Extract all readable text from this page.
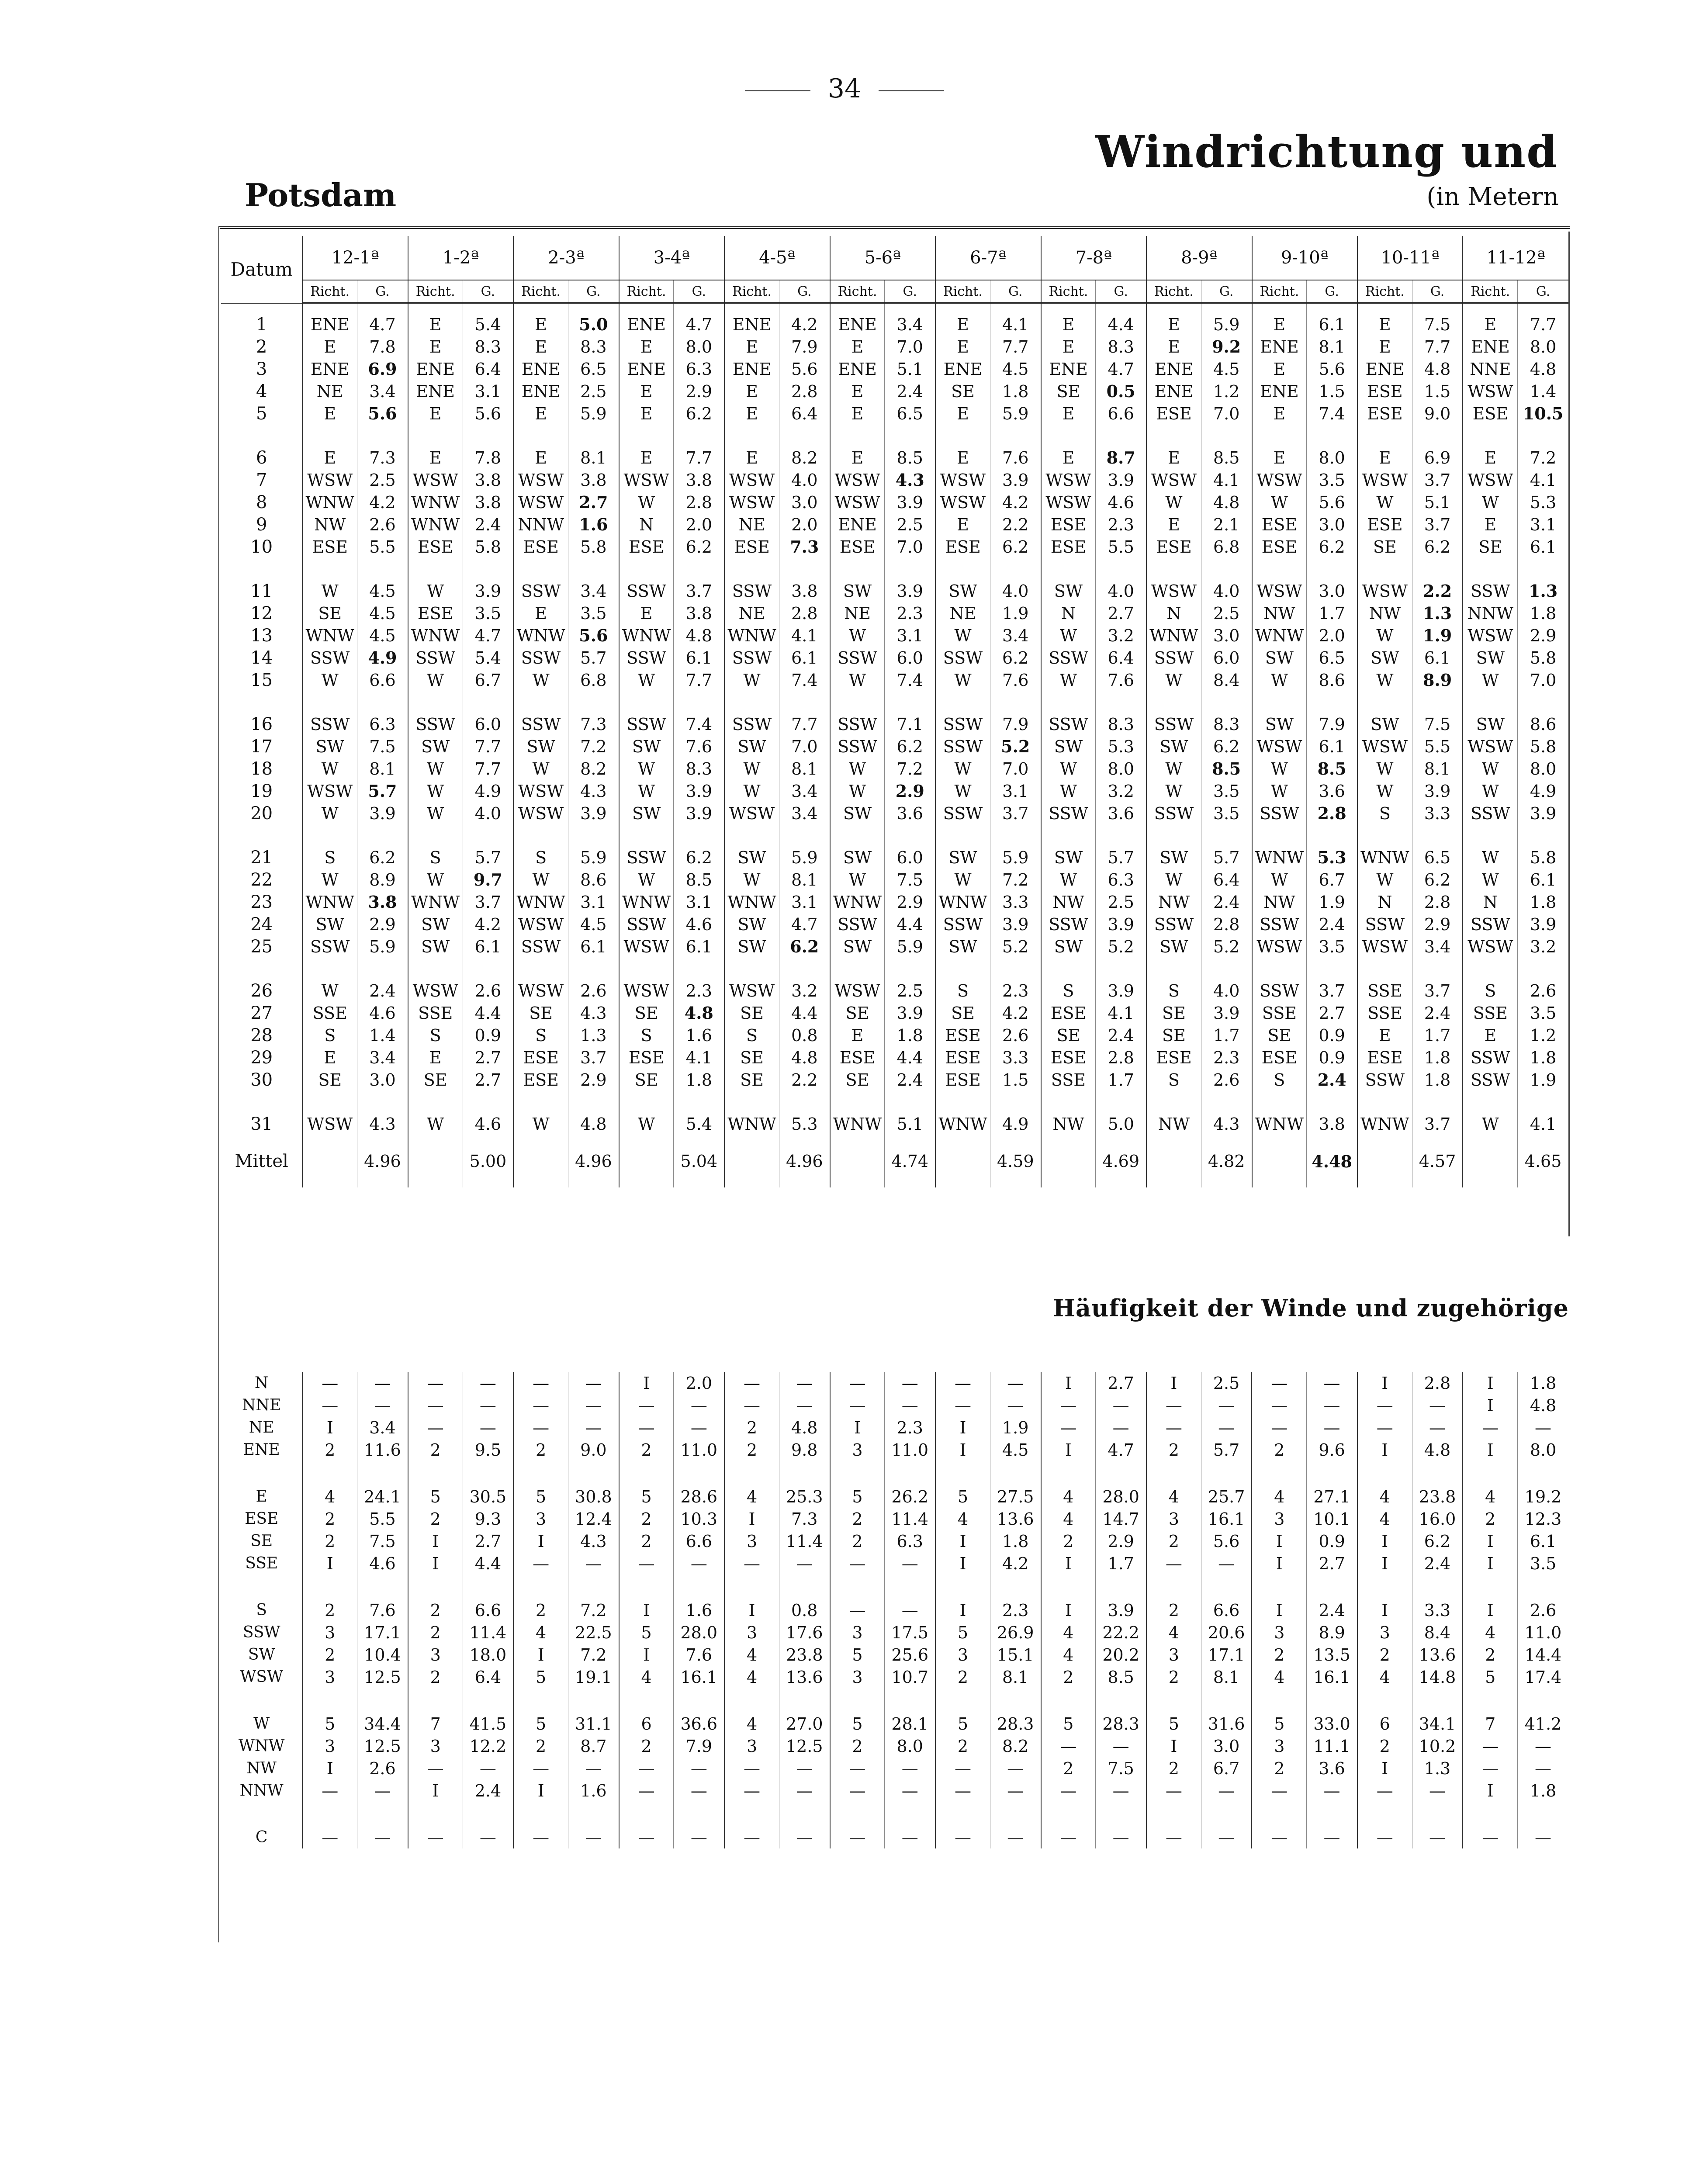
34
Windrichtung und
Potsdam	(in Metern
Datum	12-1ª		1-2ª		2-3ª		3-4ª		4-5ª		5-6ª		6-7ª		7-8ª		8-9ª		9-10ª		10-11ª		11-12ª	
	Richt.	G.	Richt.	G.	Richt.	G.	Richt.	G.	Richt.	G.	Richt.	G.	Richt.	G.	Richt.	G.	Richt.	G.	Richt.	G.	Richt.	G.	Richt.	G.

1	ENE	4.7	E	5.4	E	5.0	ENE	4.7	ENE	4.2	ENE	3.4	E	4.1	E	4.4	E	5.9	E	6.1	E	7.5	E	7.7
2	E	7.8	E	8.3	E	8.3	E	8.0	E	7.9	E	7.0	E	7.7	E	8.3	E	9.2	ENE	8.1	E	7.7	ENE	8.0
3	ENE	6.9	ENE	6.4	ENE	6.5	ENE	6.3	ENE	5.6	ENE	5.1	ENE	4.5	ENE	4.7	ENE	4.5	E	5.6	ENE	4.8	NNE	4.8
4	NE	3.4	ENE	3.1	ENE	2.5	E	2.9	E	2.8	E	2.4	SE	1.8	SE	0.5	ENE	1.2	ENE	1.5	ESE	1.5	WSW	1.4
5	E	5.6	E	5.6	E	5.9	E	6.2	E	6.4	E	6.5	E	5.9	E	6.6	ESE	7.0	E	7.4	ESE	9.0	ESE	10.5

6	E	7.3	E	7.8	E	8.1	E	7.7	E	8.2	E	8.5	E	7.6	E	8.7	E	8.5	E	8.0	E	6.9	E	7.2
7	WSW	2.5	WSW	3.8	WSW	3.8	WSW	3.8	WSW	4.0	WSW	4.3	WSW	3.9	WSW	3.9	WSW	4.1	WSW	3.5	WSW	3.7	WSW	4.1
8	WNW	4.2	WNW	3.8	WSW	2.7	W	2.8	WSW	3.0	WSW	3.9	WSW	4.2	WSW	4.6	W	4.8	W	5.6	W	5.1	W	5.3
9	NW	2.6	WNW	2.4	NNW	1.6	N	2.0	NE	2.0	ENE	2.5	E	2.2	ESE	2.3	E	2.1	ESE	3.0	ESE	3.7	E	3.1
10	ESE	5.5	ESE	5.8	ESE	5.8	ESE	6.2	ESE	7.3	ESE	7.0	ESE	6.2	ESE	5.5	ESE	6.8	ESE	6.2	SE	6.2	SE	6.1

11	W	4.5	W	3.9	SSW	3.4	SSW	3.7	SSW	3.8	SW	3.9	SW	4.0	SW	4.0	WSW	4.0	WSW	3.0	WSW	2.2	SSW	1.3
12	SE	4.5	ESE	3.5	E	3.5	E	3.8	NE	2.8	NE	2.3	NE	1.9	N	2.7	N	2.5	NW	1.7	NW	1.3	NNW	1.8
13	WNW	4.5	WNW	4.7	WNW	5.6	WNW	4.8	WNW	4.1	W	3.1	W	3.4	W	3.2	WNW	3.0	WNW	2.0	W	1.9	WSW	2.9
14	SSW	4.9	SSW	5.4	SSW	5.7	SSW	6.1	SSW	6.1	SSW	6.0	SSW	6.2	SSW	6.4	SSW	6.0	SW	6.5	SW	6.1	SW	5.8
15	W	6.6	W	6.7	W	6.8	W	7.7	W	7.4	W	7.4	W	7.6	W	7.6	W	8.4	W	8.6	W	8.9	W	7.0

16	SSW	6.3	SSW	6.0	SSW	7.3	SSW	7.4	SSW	7.7	SSW	7.1	SSW	7.9	SSW	8.3	SSW	8.3	SW	7.9	SW	7.5	SW	8.6
17	SW	7.5	SW	7.7	SW	7.2	SW	7.6	SW	7.0	SSW	6.2	SSW	5.2	SW	5.3	SW	6.2	WSW	6.1	WSW	5.5	WSW	5.8
18	W	8.1	W	7.7	W	8.2	W	8.3	W	8.1	W	7.2	W	7.0	W	8.0	W	8.5	W	8.5	W	8.1	W	8.0
19	WSW	5.7	W	4.9	WSW	4.3	W	3.9	W	3.4	W	2.9	W	3.1	W	3.2	W	3.5	W	3.6	W	3.9	W	4.9
20	W	3.9	W	4.0	WSW	3.9	SW	3.9	WSW	3.4	SW	3.6	SSW	3.7	SSW	3.6	SSW	3.5	SSW	2.8	S	3.3	SSW	3.9

21	S	6.2	S	5.7	S	5.9	SSW	6.2	SW	5.9	SW	6.0	SW	5.9	SW	5.7	SW	5.7	WNW	5.3	WNW	6.5	W	5.8
22	W	8.9	W	9.7	W	8.6	W	8.5	W	8.1	W	7.5	W	7.2	W	6.3	W	6.4	W	6.7	W	6.2	W	6.1
23	WNW	3.8	WNW	3.7	WNW	3.1	WNW	3.1	WNW	3.1	WNW	2.9	WNW	3.3	NW	2.5	NW	2.4	NW	1.9	N	2.8	N	1.8
24	SW	2.9	SW	4.2	WSW	4.5	SSW	4.6	SW	4.7	SSW	4.4	SSW	3.9	SSW	3.9	SSW	2.8	SSW	2.4	SSW	2.9	SSW	3.9
25	SSW	5.9	SW	6.1	SSW	6.1	WSW	6.1	SW	6.2	SW	5.9	SW	5.2	SW	5.2	SW	5.2	WSW	3.5	WSW	3.4	WSW	3.2

26	W	2.4	WSW	2.6	WSW	2.6	WSW	2.3	WSW	3.2	WSW	2.5	S	2.3	S	3.9	S	4.0	SSW	3.7	SSE	3.7	S	2.6
27	SSE	4.6	SSE	4.4	SE	4.3	SE	4.8	SE	4.4	SE	3.9	SE	4.2	ESE	4.1	SE	3.9	SSE	2.7	SSE	2.4	SSE	3.5
28	S	1.4	S	0.9	S	1.3	S	1.6	S	0.8	E	1.8	ESE	2.6	SE	2.4	SE	1.7	SE	0.9	E	1.7	E	1.2
29	E	3.4	E	2.7	ESE	3.7	ESE	4.1	SE	4.8	ESE	4.4	ESE	3.3	ESE	2.8	ESE	2.3	ESE	0.9	ESE	1.8	SSW	1.8
30	SE	3.0	SE	2.7	ESE	2.9	SE	1.8	SE	2.2	SE	2.4	ESE	1.5	SSE	1.7	S	2.6	S	2.4	SSW	1.8	SSW	1.9

31	WSW	4.3	W	4.6	W	4.8	W	5.4	WNW	5.3	WNW	5.1	WNW	4.9	NW	5.0	NW	4.3	WNW	3.8	WNW	3.7	W	4.1
Mittel		4.96		5.00		4.96		5.04		4.96		4.74		4.59		4.69		4.82		4.48		4.57		4.65
Häufigkeit der Winde und zugehörige
N	—	—	—	—	—	—	I	2.0	—	—	—	—	—	—	I	2.7	I	2.5	—	—	I	2.8	I	1.8
NNE	—	—	—	—	—	—	—	—	—	—	—	—	—	—	—	—	—	—	—	—	—	—	I	4.8
NE	I	3.4	—	—	—	—	—	—	2	4.8	I	2.3	I	1.9	—	—	—	—	—	—	—	—	—	—
ENE	2	11.6	2	9.5	2	9.0	2	11.0	2	9.8	3	11.0	I	4.5	I	4.7	2	5.7	2	9.6	I	4.8	I	8.0

E	4	24.1	5	30.5	5	30.8	5	28.6	4	25.3	5	26.2	5	27.5	4	28.0	4	25.7	4	27.1	4	23.8	4	19.2
ESE	2	5.5	2	9.3	3	12.4	2	10.3	I	7.3	2	11.4	4	13.6	4	14.7	3	16.1	3	10.1	4	16.0	2	12.3
SE	2	7.5	I	2.7	I	4.3	2	6.6	3	11.4	2	6.3	I	1.8	2	2.9	2	5.6	I	0.9	I	6.2	I	6.1
SSE	I	4.6	I	4.4	—	—	—	—	—	—	—	—	I	4.2	I	1.7	—	—	I	2.7	I	2.4	I	3.5

S	2	7.6	2	6.6	2	7.2	I	1.6	I	0.8	—	—	I	2.3	I	3.9	2	6.6	I	2.4	I	3.3	I	2.6
SSW	3	17.1	2	11.4	4	22.5	5	28.0	3	17.6	3	17.5	5	26.9	4	22.2	4	20.6	3	8.9	3	8.4	4	11.0
SW	2	10.4	3	18.0	I	7.2	I	7.6	4	23.8	5	25.6	3	15.1	4	20.2	3	17.1	2	13.5	2	13.6	2	14.4
WSW	3	12.5	2	6.4	5	19.1	4	16.1	4	13.6	3	10.7	2	8.1	2	8.5	2	8.1	4	16.1	4	14.8	5	17.4

W	5	34.4	7	41.5	5	31.1	6	36.6	4	27.0	5	28.1	5	28.3	5	28.3	5	31.6	5	33.0	6	34.1	7	41.2
WNW	3	12.5	3	12.2	2	8.7	2	7.9	3	12.5	2	8.0	2	8.2	—	—	I	3.0	3	11.1	2	10.2	—	—
NW	I	2.6	—	—	—	—	—	—	—	—	—	—	—	—	2	7.5	2	6.7	2	3.6	I	1.3	—	—
NNW	—	—	I	2.4	I	1.6	—	—	—	—	—	—	—	—	—	—	—	—	—	—	—	—	I	1.8

C	—	—	—	—	—	—	—	—	—	—	—	—	—	—	—	—	—	—	—	—	—	—	—	—
